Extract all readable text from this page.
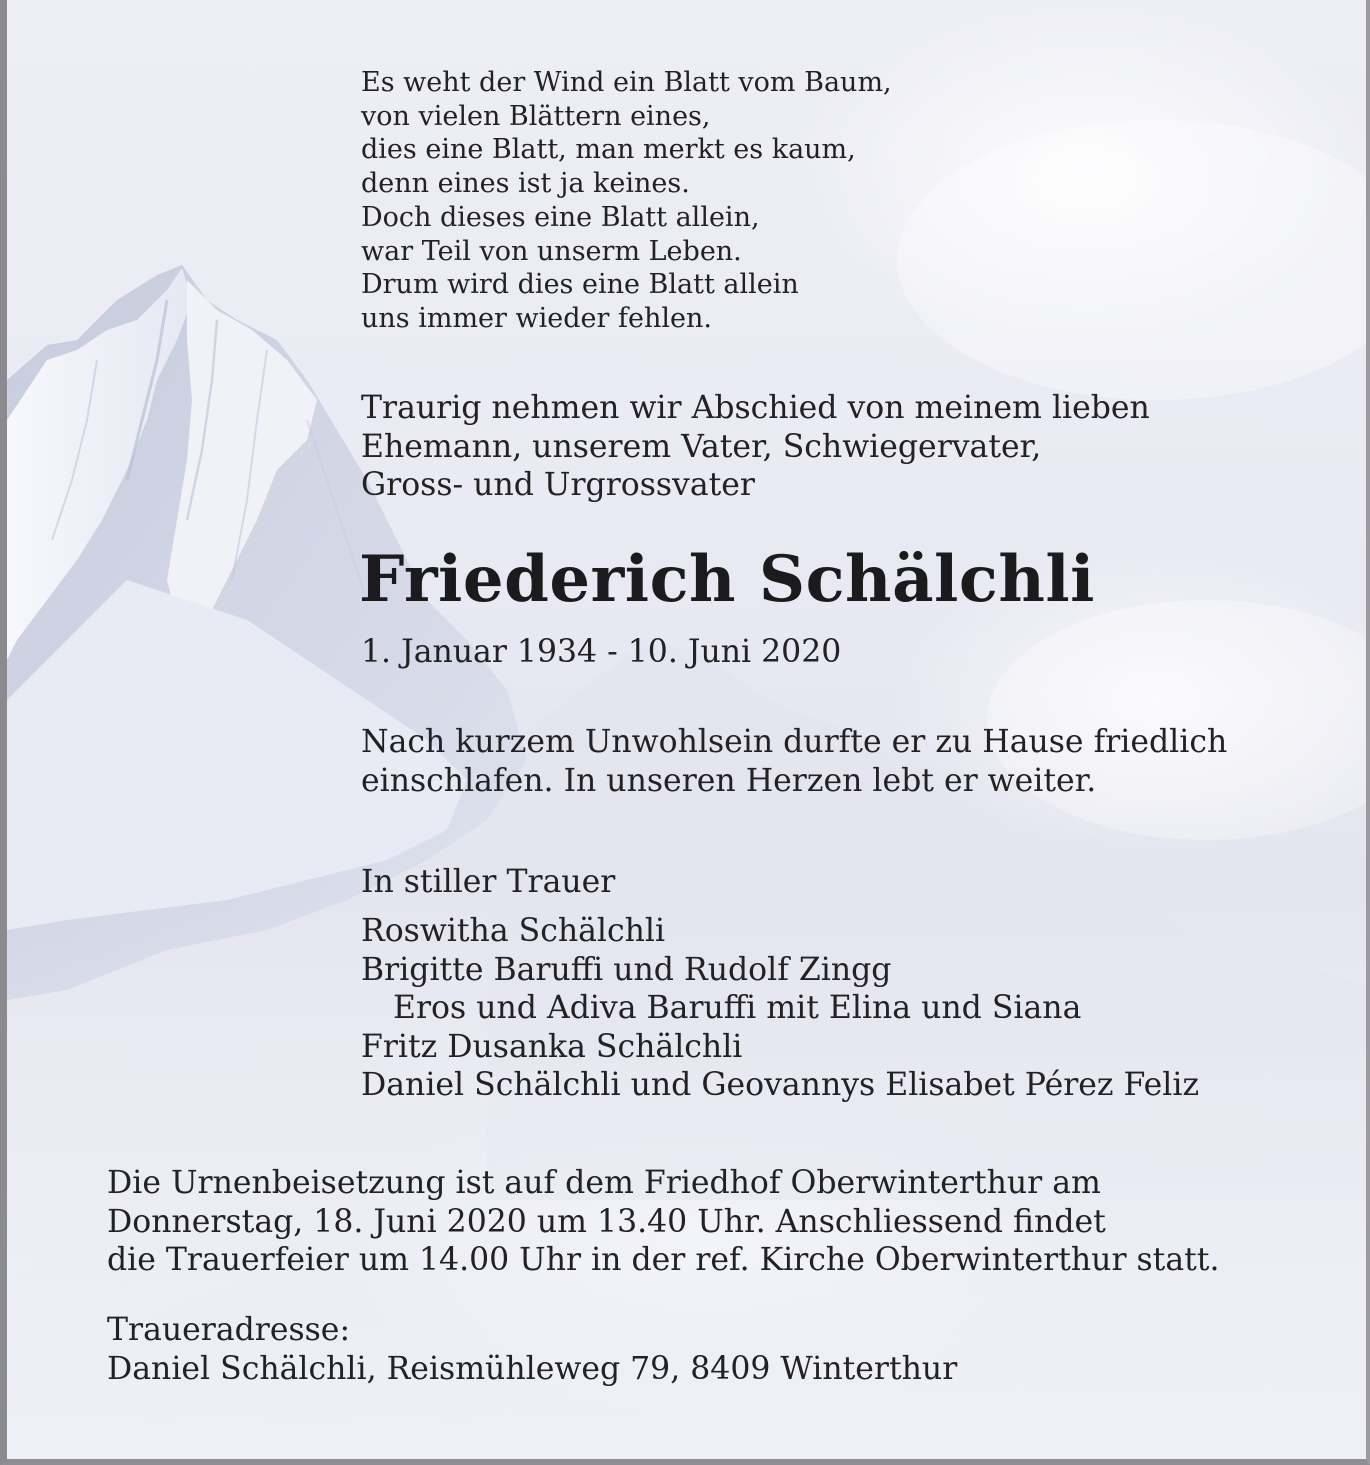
Es weht der Wind ein Blatt vom Baum,
von vielen Blättern eines,
dies eine Blatt, man merkt es kaum,
denn eines ist ja keines.
Doch dieses eine Blatt allein,
war Teil von unserm Leben.
Drum wird dies eine Blatt allein
uns immer wieder fehlen.
Traurig nehmen wir Abschied von meinem lieben
Ehemann, unserem Vater, Schwiegervater,
Gross- und Urgrossvater
Friederich Schälchli
1. Januar 1934 - 10. Juni 2020
Nach kurzem Unwohlsein durfte er zu Hause friedlich
einschlafen. In unseren Herzen lebt er weiter.
In stiller Trauer
Roswitha Schälchli
Brigitte Baruffi und Rudolf Zingg
Eros und Adiva Baruffi mit Elina und Siana
Fritz Dusanka Schälchli
Daniel Schälchli und Geovannys Elisabet Pérez Feliz
Die Urnenbeisetzung ist auf dem Friedhof Oberwinterthur am
Donnerstag, 18. Juni 2020 um 13.40 Uhr. Anschliessend findet
die Trauerfeier um 14.00 Uhr in der ref. Kirche Oberwinterthur statt.
Traueradresse:
Daniel Schälchli, Reismühleweg 79, 8409 Winterthur
